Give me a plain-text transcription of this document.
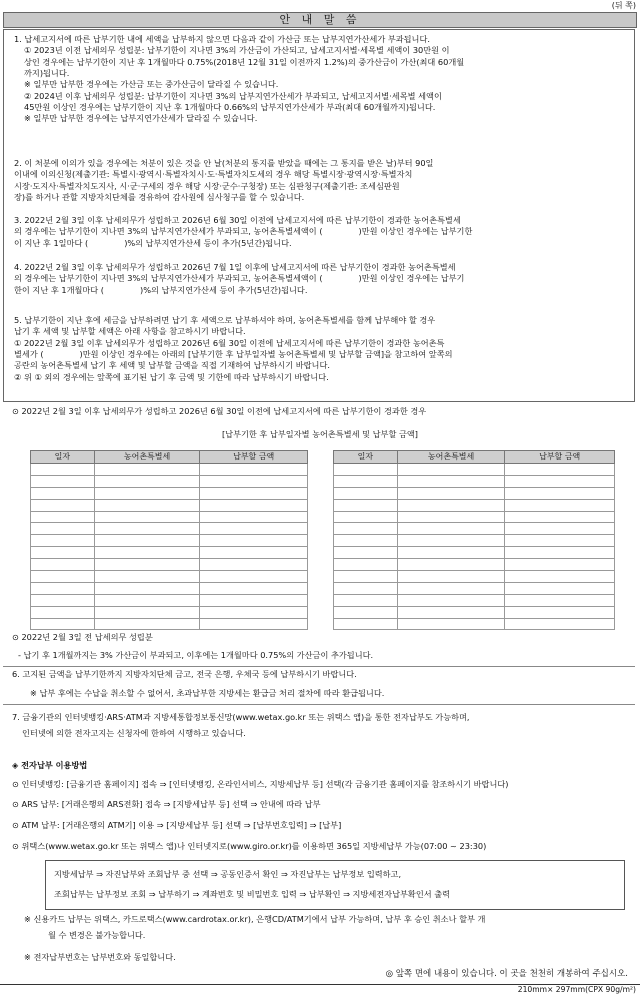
(뒤 쪽)
안 내 말 씀

1. 납세고지서에 따른 납부기한 내에 세액을 납부하지 않으면 다음과 같이 가산금 또는 납부지연가산세가 부과됩니다.

① 2023년 이전 납세의무 성립분: 납부기한이 지나면 3%의 가산금이 가산되고, 납세고지서별·세목별 세액이 30만원 이

상인 경우에는 납부기한이 지난 후 1개월마다 0.75%(2018년 12월 31일 이전까지 1.2%)의 중가산금이 가산(최대 60개월

까지)됩니다.

※ 일부만 납부한 경우에는 가산금 또는 중가산금이 달라질 수 있습니다.

② 2024년 이후 납세의무 성립분: 납부기한이 지나면 3%의 납부지연가산세가 부과되고, 납세고지서별·세목별 세액이

45만원 이상인 경우에는 납부기한이 지난 후 1개월마다 0.66%의 납부지연가산세가 부과(최대 60개월까지)됩니다.

※ 일부만 납부한 경우에는 납부지연가산세가 달라질 수 있습니다.

2. 이 처분에 이의가 있을 경우에는 처분이 있은 것을 안 날(처분의 통지를 받았을 때에는 그 통지를 받은 날)부터 90일

이내에 이의신청(제출기관: 특별시·광역시·특별자치시·도·특별자치도세의 경우 해당 특별시장·광역시장·특별자치

시장·도지사·특별자치도지사, 시·군·구세의 경우 해당 시장·군수·구청장) 또는 심판청구(제출기관: 조세심판원

장)를 하거나 관할 지방자치단체를 경유하여 감사원에 심사청구를 할 수 있습니다.

3. 2022년 2월 3일 이후 납세의무가 성립하고 2026년 6월 30일 이전에 납세고지서에 따른 납부기한이 경과한 농어촌특별세

의 경우에는 납부기한이 지나면 3%의 납부지연가산세가 부과되고, 농어촌특별세액이 (	)만원 이상인 경우에는 납부기한

이 지난 후 1일마다 (	)%의 납부지연가산세 등이 추가(5년간)됩니다.

4. 2022년 2월 3일 이후 납세의무가 성립하고 2026년 7월 1일 이후에 납세고지서에 따른 납부기한이 경과한 농어촌특별세

의 경우에는 납부기한이 지나면 3%의 납부지연가산세가 부과되고, 농어촌특별세액이 (	)만원 이상인 경우에는 납부기

한이 지난 후 1개월마다 (	)%의 납부지연가산세 등이 추가(5년간)됩니다.

5. 납부기한이 지난 후에 세금을 납부하려면 납기 후 세액으로 납부하셔야 하며, 농어촌특별세를 함께 납부해야 할 경우

납기 후 세액 및 납부할 세액은 아래 사항을 참고하시기 바랍니다.

① 2022년 2월 3일 이후 납세의무가 성립하고 2026년 6월 30일 이전에 납세고지서에 따른 납부기한이 경과한 농어촌특

별세가 (	)만원 이상인 경우에는 아래의 [납부기한 후 납부일자별 농어촌특별세 및 납부할 금액]을 참고하여 앞쪽의

공란의 농어촌특별세 납기 후 세액 및 납부할 금액을 직접 기재하여 납부하시기 바랍니다.

② 위 ① 외의 경우에는 앞쪽에 표기된 납기 후 금액 및 기한에 따라 납부하시기 바랍니다.

⊙ 2022년 2월 3일 이후 납세의무가 성립하고 2026년 6월 30일 이전에 납세고지서에 따른 납부기한이 경과한 경우
[납부기한 후 납부일자별 농어촌특별세 및 납부할 금액]
일자	농어촌특별세	납부할 금액

			일자	농어촌특별세	납부할 금액

⊙ 2022년 2월 3일 전 납세의무 성립분
- 납기 후 1개월까지는 3% 가산금이 부과되고, 이후에는 1개월마다 0.75%의 가산금이 추가됩니다.
6. 고지된 금액을 납부기한까지 지방자치단체 금고, 전국 은행, 우체국 등에 납부하시기 바랍니다.
※ 납부 후에는 수납을 취소할 수 없어서, 초과납부한 지방세는 환급금 처리 절차에 따라 환급됩니다.
7. 금융기관의 인터넷뱅킹·ARS·ATM과 지방세통합정보통신망(www.wetax.go.kr 또는 위택스 앱)을 통한 전자납부도 가능하며,
인터넷에 의한 전자고지는 신청자에 한하여 시행하고 있습니다.
◈ 전자납부 이용방법
⊙ 인터넷뱅킹: [금융기관 홈페이지] 접속 ⇒ [인터넷뱅킹, 온라인서비스, 지방세납부 등] 선택(각 금융기관 홈페이지를 참조하시기 바랍니다)
⊙ ARS 납부: [거래은행의 ARS전화] 접속 ⇒ [지방세납부 등] 선택 ⇒ 안내에 따라 납부
⊙ ATM 납부: [거래은행의 ATM기] 이용 ⇒ [지방세납부 등] 선택 ⇒ [납부번호입력] ⇒ [납부]
⊙ 위택스(www.wetax.go.kr 또는 위택스 앱)나 인터넷지로(www.giro.or.kr)를 이용하면 365일 지방세납부 가능(07:00 ~ 23:30)
지방세납부 ⇒ 자진납부와 조회납부 중 선택 ⇒ 공동인증서 확인 ⇒ 자진납부는 납부정보 입력하고,
조회납부는 납부정보 조회 ⇒ 납부하기 ⇒ 계좌번호 및 비밀번호 입력 ⇒ 납부확인 ⇒ 지방세전자납부확인서 출력
※ 신용카드 납부는 위택스, 카드로택스(www.cardrotax.or.kr), 은행CD/ATM기에서 납부 가능하며, 납부 후 승인 취소나 할부 개
월 수 변경은 불가능합니다.
※ 전자납부번호는 납부번호와 동일합니다.
◎ 앞쪽 면에 내용이 있습니다. 이 곳을 천천히 개봉하여 주십시오.
210mm× 297mm(CPX 90g/m²)
